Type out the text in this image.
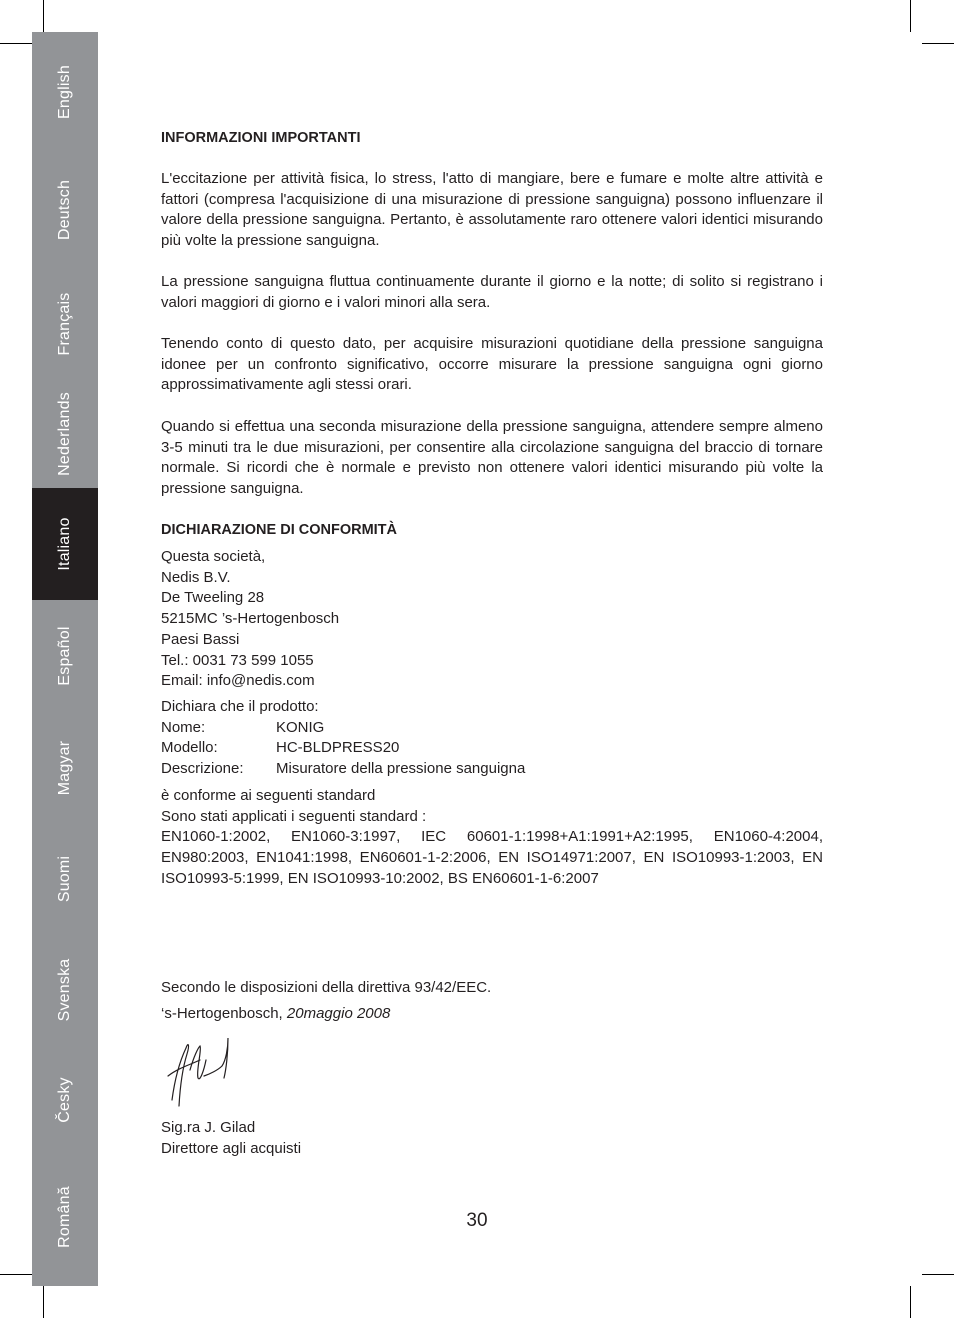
English
Deutsch
Français
Nederlands
Italiano
Español
Magyar
Suomi
Svenska
Česky
Română
INFORMAZIONI IMPORTANTI
L'eccitazione per attività fisica, lo stress, l'atto di mangiare, bere e fumare e molte altre attività e fattori (compresa l'acquisizione di una misurazione di pressione sanguigna) possono influenzare il valore della pressione sanguigna. Pertanto, è assolutamente raro ottenere valori identici misurando più volte la pressione sanguigna.
La pressione sanguigna fluttua continuamente durante il giorno e la notte; di solito si registrano i valori maggiori di giorno e i valori minori alla sera.
Tenendo conto di questo dato, per acquisire misurazioni quotidiane della pressione sanguigna idonee per un confronto significativo, occorre misurare la pressione sanguigna ogni giorno approssimativamente agli stessi orari.
Quando si effettua una seconda misurazione della pressione sanguigna, attendere sempre almeno 3-5 minuti tra le due misurazioni, per consentire alla circolazione sanguigna del braccio di tornare normale. Si ricordi che è normale e previsto non ottenere valori identici misurando più volte la pressione sanguigna.
DICHIARAZIONE DI CONFORMITÀ
Questa società,
Nedis B.V.
De Tweeling 28
5215MC ’s-Hertogenbosch
Paesi Bassi
Tel.: 0031 73 599 1055
Email: info@nedis.com
Dichiara che il prodotto:
Nome:	KONIG
Modello:	HC-BLDPRESS20
Descrizione:	Misuratore della pressione sanguigna
è conforme ai seguenti standard
Sono stati applicati i seguenti standard :
EN1060-1:2002, EN1060-3:1997, IEC 60601-1:1998+A1:1991+A2:1995, EN1060-4:2004, EN980:2003, EN1041:1998, EN60601-1-2:2006, EN ISO14971:2007, EN ISO10993-1:2003, EN ISO10993-5:1999, EN ISO10993-10:2002, BS EN60601-1-6:2007
Secondo le disposizioni della direttiva 93/42/EEC.
‘s-Hertogenbosch, 20maggio 2008
Sig.ra J. Gilad
Direttore agli acquisti
30
